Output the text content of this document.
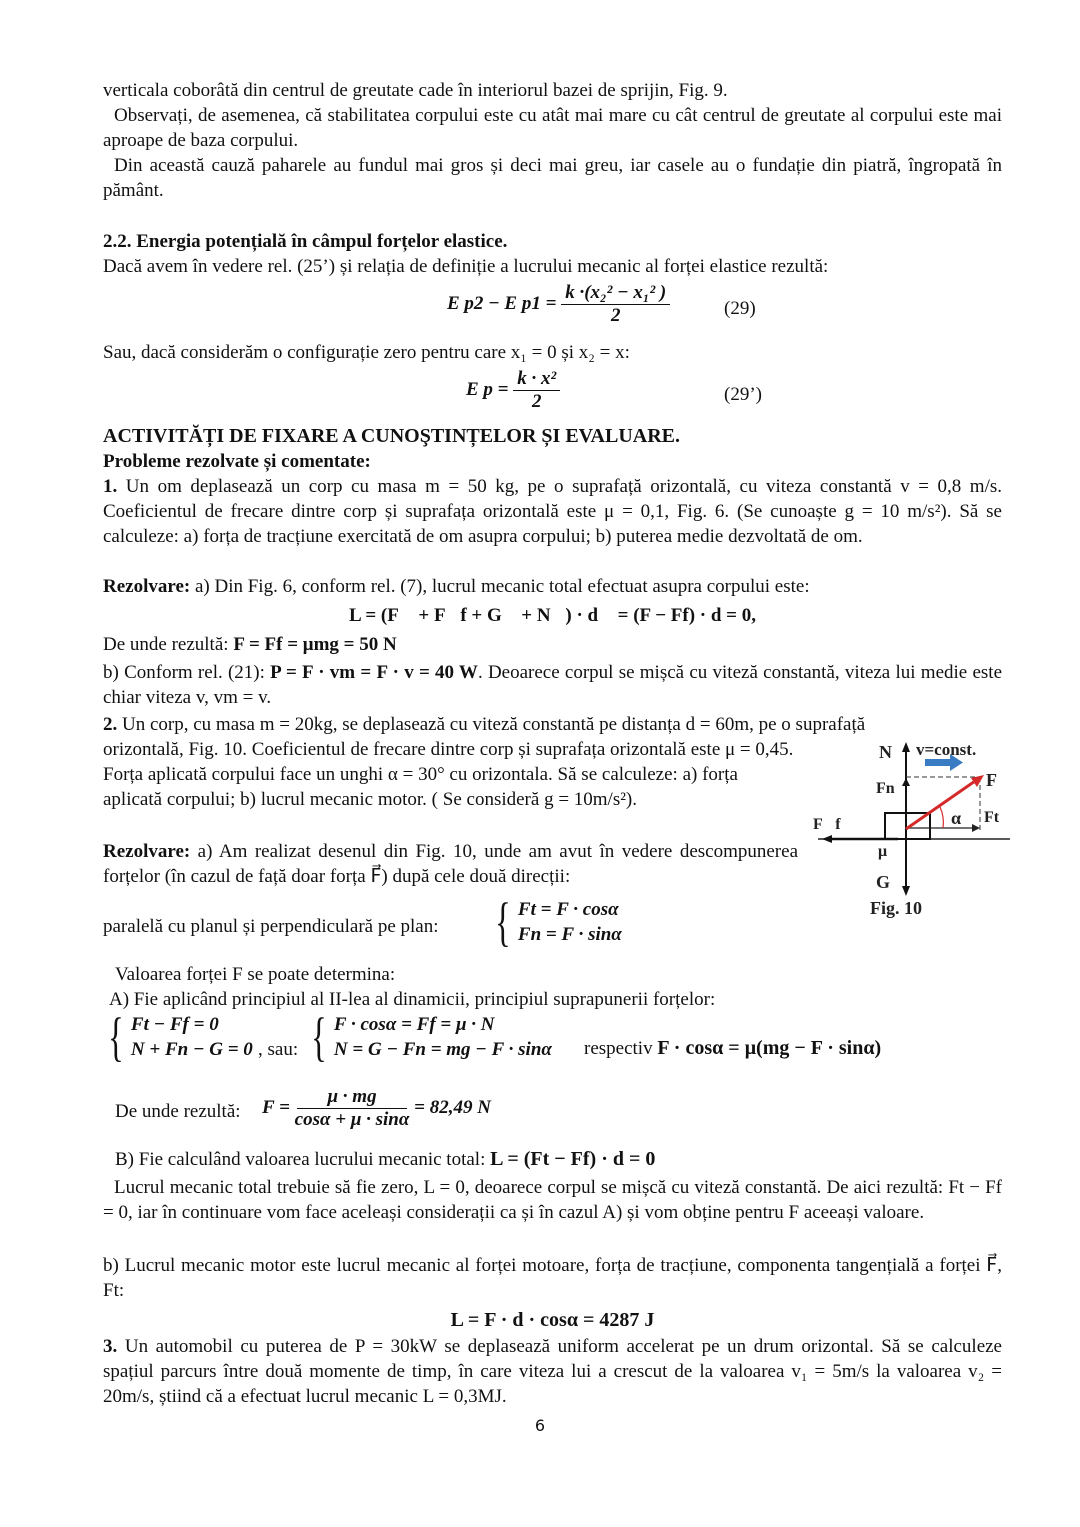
verticala coborâtă din centrul de greutate cade în interiorul bazei de sprijin, Fig. 9.
Observați, de asemenea, că stabilitatea corpului este cu atât mai mare cu cât centrul de greutate al corpului este mai aproape de baza corpului.
Din această cauză paharele au fundul mai gros și deci mai greu, iar casele au o fundație din piatră, îngropată în pământ.
2.2. Energia potențială în câmpul forțelor elastice.
Dacă avem în vedere rel. (25’) și relația de definiție a lucrului mecanic al forței elastice rezultă:
E p2 − E $p1 = \frac{\text{k ·(x₂² − x₁² )}}{2}$	(29)
Sau, dacă considerăm o configurație zero pentru care x₁ = 0 și x₂ = x:
E $p = \frac{\text{k · x²}}{2}$	(29’)
ACTIVITĂȚI DE FIXARE A CUNOŞTINȚELOR ȘI EVALUARE.
Probleme rezolvate și comentate:
1. Un om deplasează un corp cu masa m = 50 kg, pe o suprafață orizontală, cu viteza constantă v = 0,8 m/s. Coeficientul de frecare dintre corp și suprafața orizontală este μ = 0,1, Fig. 6. (Se cunoaște g = 10 m/s²). Să se calculeze: a) forța de tracțiune exercitată de om asupra corpului; b) puterea medie dezvoltată de om.
Rezolvare: a) Din Fig. 6, conform rel. (7), lucrul mecanic total efectuat asupra corpului este:
L = (F⃗ + F⃗f + G⃗ + N⃗) · d⃗ = (F − Ff) · d = 0,
De unde rezultă: F = Ff = μmg = 50 N
b) Conform rel. (21): P = F · vm = F · v = 40 W. Deoarece corpul se mișcă cu viteză constantă, viteza lui medie este chiar viteza v, vm = v.
2. Un corp, cu masa m = 20kg, se deplasează cu viteză constantă pe distanța d = 60m, pe o suprafață
orizontală, Fig. 10. Coeficientul de frecare dintre corp și suprafața orizontală este μ = 0,45. Forța aplicată corpului face un unghi α = 30° cu orizontala. Să se calculeze: a) forța aplicată corpului; b) lucrul mecanic motor. ( Se consideră g = 10m/s²).
Rezolvare: a) Am realizat desenul din Fig. 10, unde am avut în vedere descompunerea forțelor (în cazul de față doar forța F⃗) după cele două direcții:
paralelă cu planul și perpendiculară pe plan: { Ft = F · cosα
Fn = F · sinα
N⃗ v=const.
Fn	F⃗
α Ft
F⃗f
μ
G⃗
Fig. 10
Valoarea forței F se poate determina:
A) Fie aplicând principiul al II-lea al dinamicii, principiul suprapunerii forțelor:
{ Ft − Ff = 0
N + Fn − G = 0 , sau: { F · cosα = Ff = μ · N
N = G − Fn = mg − F · sinα respectiv F · cosα = μ(mg − F · sinα)
De unde rezultă: $F = \frac{\mu \cdot mg}{\cos\alpha + \mu \cdot \sin\alpha} = 82,49$ N
B) Fie calculând valoarea lucrului mecanic total: L = (Ft − Ff) · d = 0
Lucrul mecanic total trebuie să fie zero, L = 0, deoarece corpul se mișcă cu viteză constantă. De aici rezultă: Ft − Ff = 0, iar în continuare vom face aceleași considerații ca și în cazul A) și vom obține pentru F aceeași valoare.
b) Lucrul mecanic motor este lucrul mecanic al forței motoare, forța de tracțiune, componenta tangențială a forței F⃗, Ft:
L = F · d · cosα = 4287 J
3. Un automobil cu puterea de P = 30kW se deplasează uniform accelerat pe un drum orizontal. Să se calculeze spațiul parcurs între două momente de timp, în care viteza lui a crescut de la valoarea v₁ = 5m/s la valoarea v₂ = 20m/s, știind că a efectuat lucrul mecanic L = 0,3MJ.
6
